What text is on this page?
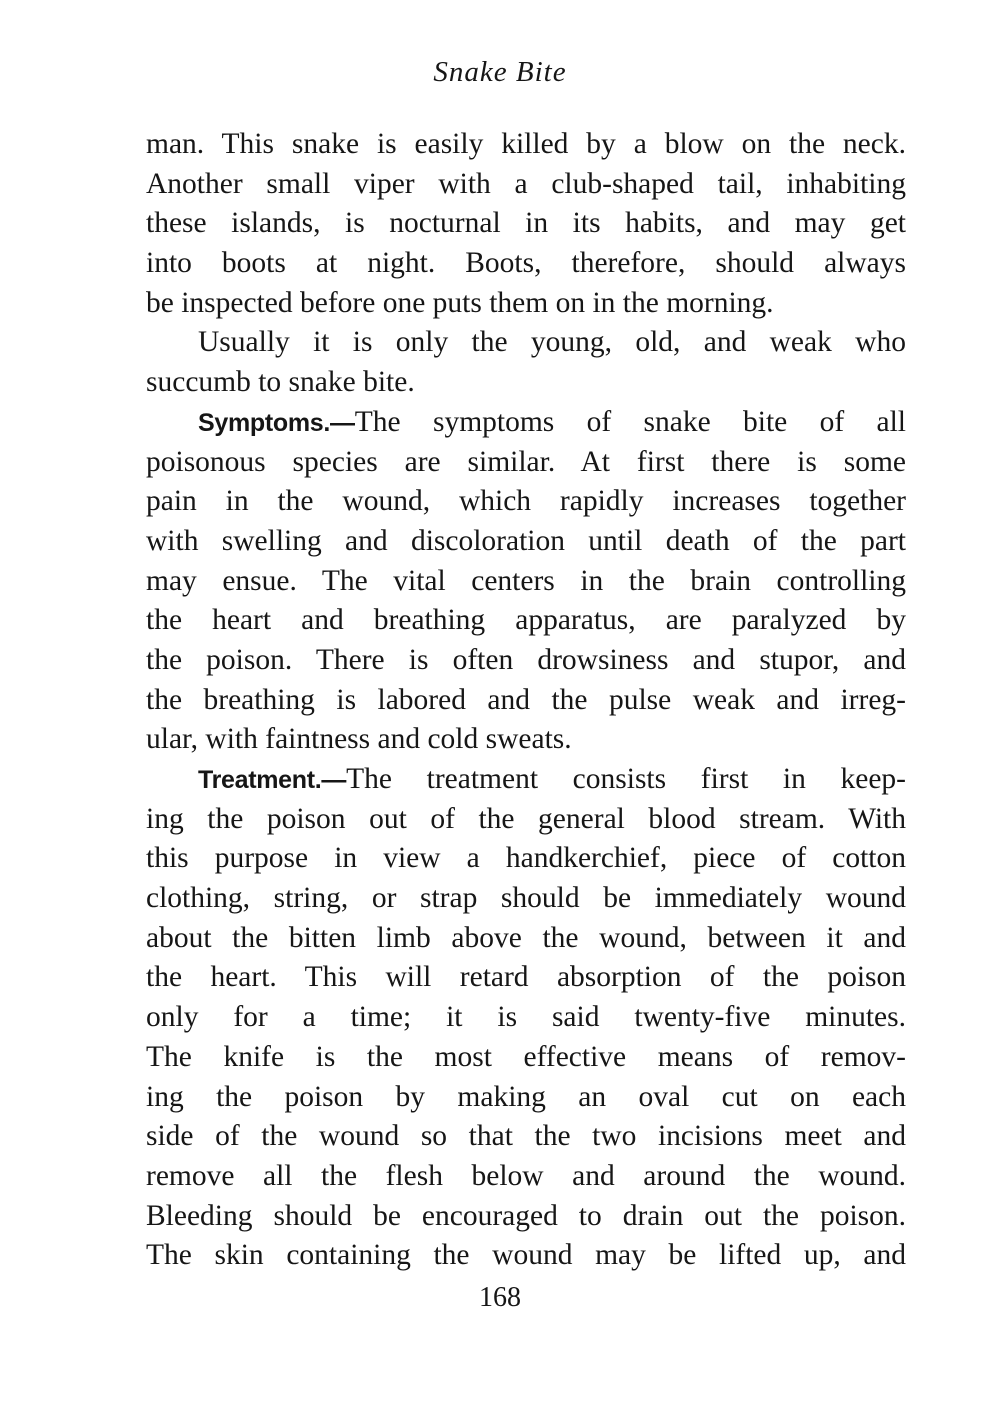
Snake Bite
man. This snake is easily killed by a blow on the neck.
Another small viper with a club-shaped tail, inhabiting
these islands, is nocturnal in its habits, and may get
into boots at night. Boots, therefore, should always
be inspected before one puts them on in the morning.
Usually it is only the young, old, and weak who
succumb to snake bite.
Symptoms.—The symptoms of snake bite of all
poisonous species are similar. At first there is some
pain in the wound, which rapidly increases together
with swelling and discoloration until death of the part
may ensue. The vital centers in the brain controlling
the heart and breathing apparatus, are paralyzed by
the poison. There is often drowsiness and stupor, and
the breathing is labored and the pulse weak and irreg-
ular, with faintness and cold sweats.
Treatment.—The treatment consists first in keep-
ing the poison out of the general blood stream. With
this purpose in view a handkerchief, piece of cotton
clothing, string, or strap should be immediately wound
about the bitten limb above the wound, between it and
the heart. This will retard absorption of the poison
only for a time; it is said twenty-five minutes.
The knife is the most effective means of remov-
ing the poison by making an oval cut on each
side of the wound so that the two incisions meet and
remove all the flesh below and around the wound.
Bleeding should be encouraged to drain out the poison.
The skin containing the wound may be lifted up, and
168
